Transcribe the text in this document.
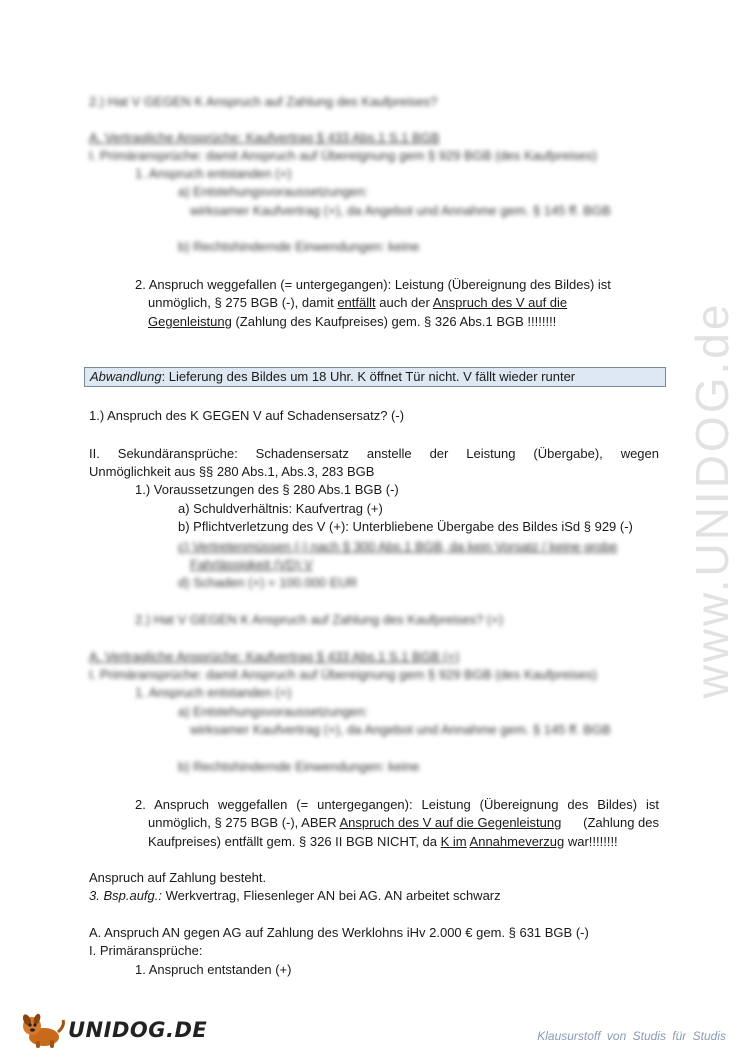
www.UNIDOG.de
2.) Hat V GEGEN K Anspruch auf Zahlung des Kaufpreises?
A. Vertragliche Ansprüche: Kaufvertrag § 433 Abs.1 S.1 BGB
I. Primäransprüche: damit Anspruch auf Übereignung gem § 929 BGB (des Kaufpreises)
1. Anspruch entstanden (+)
a) Entstehungsvoraussetzungen:
wirksamer Kaufvertrag (+), da Angebot und Annahme gem. § 145 ff. BGB
b) Rechtshindernde Einwendungen: keine
2. Anspruch weggefallen (= untergegangen): Leistung (Übereignung des Bildes) ist
unmöglich, § 275 BGB (-), damit entfällt auch der Anspruch des V auf die
Gegenleistung (Zahlung des Kaufpreises) gem. § 326 Abs.1 BGB !!!!!!!!
Abwandlung: Lieferung des Bildes um 18 Uhr. K öffnet Tür nicht. V fällt wieder runter
1.) Anspruch des K GEGEN V auf Schadensersatz? (-)
II. Sekundäransprüche: Schadensersatz anstelle der Leistung (Übergabe), wegen
Unmöglichkeit aus §§ 280 Abs.1, Abs.3, 283 BGB
1.) Voraussetzungen des § 280 Abs.1 BGB (-)
a) Schuldverhältnis: Kaufvertrag (+)
b) Pflichtverletzung des V (+): Unterbliebene Übergabe des Bildes iSd § 929 (-)
c) Vertretenmüssen (-) nach § 300 Abs.1 BGB, da kein Vorsatz / keine grobe
Fahrlässigkeit (VD) V
d) Schaden (+) = 100.000 EUR
2.) Hat V GEGEN K Anspruch auf Zahlung des Kaufpreises? (+)
A. Vertragliche Ansprüche: Kaufvertrag § 433 Abs.1 S.1 BGB (+)
I. Primäransprüche: damit Anspruch auf Übereignung gem § 929 BGB (des Kaufpreises)
1. Anspruch entstanden (+)
a) Entstehungsvoraussetzungen:
wirksamer Kaufvertrag (+), da Angebot und Annahme gem. § 145 ff. BGB
b) Rechtshindernde Einwendungen: keine
2. Anspruch weggefallen (= untergegangen): Leistung (Übereignung des Bildes) ist
unmöglich, § 275 BGB (-), ABER Anspruch des V auf die Gegenleistung (Zahlung des
Kaufpreises) entfällt gem. § 326 II BGB NICHT, da K im Annahmeverzug war!!!!!!!!
Anspruch auf Zahlung besteht.
3. Bsp.aufg.: Werkvertrag, Fliesenleger AN bei AG. AN arbeitet schwarz
A. Anspruch AN gegen AG auf Zahlung des Werklohns iHv 2.000 € gem. § 631 BGB (-)
I. Primäransprüche:
1. Anspruch entstanden (+)
UNIDOG.DE	Klausurstoff von Studis für Studis
